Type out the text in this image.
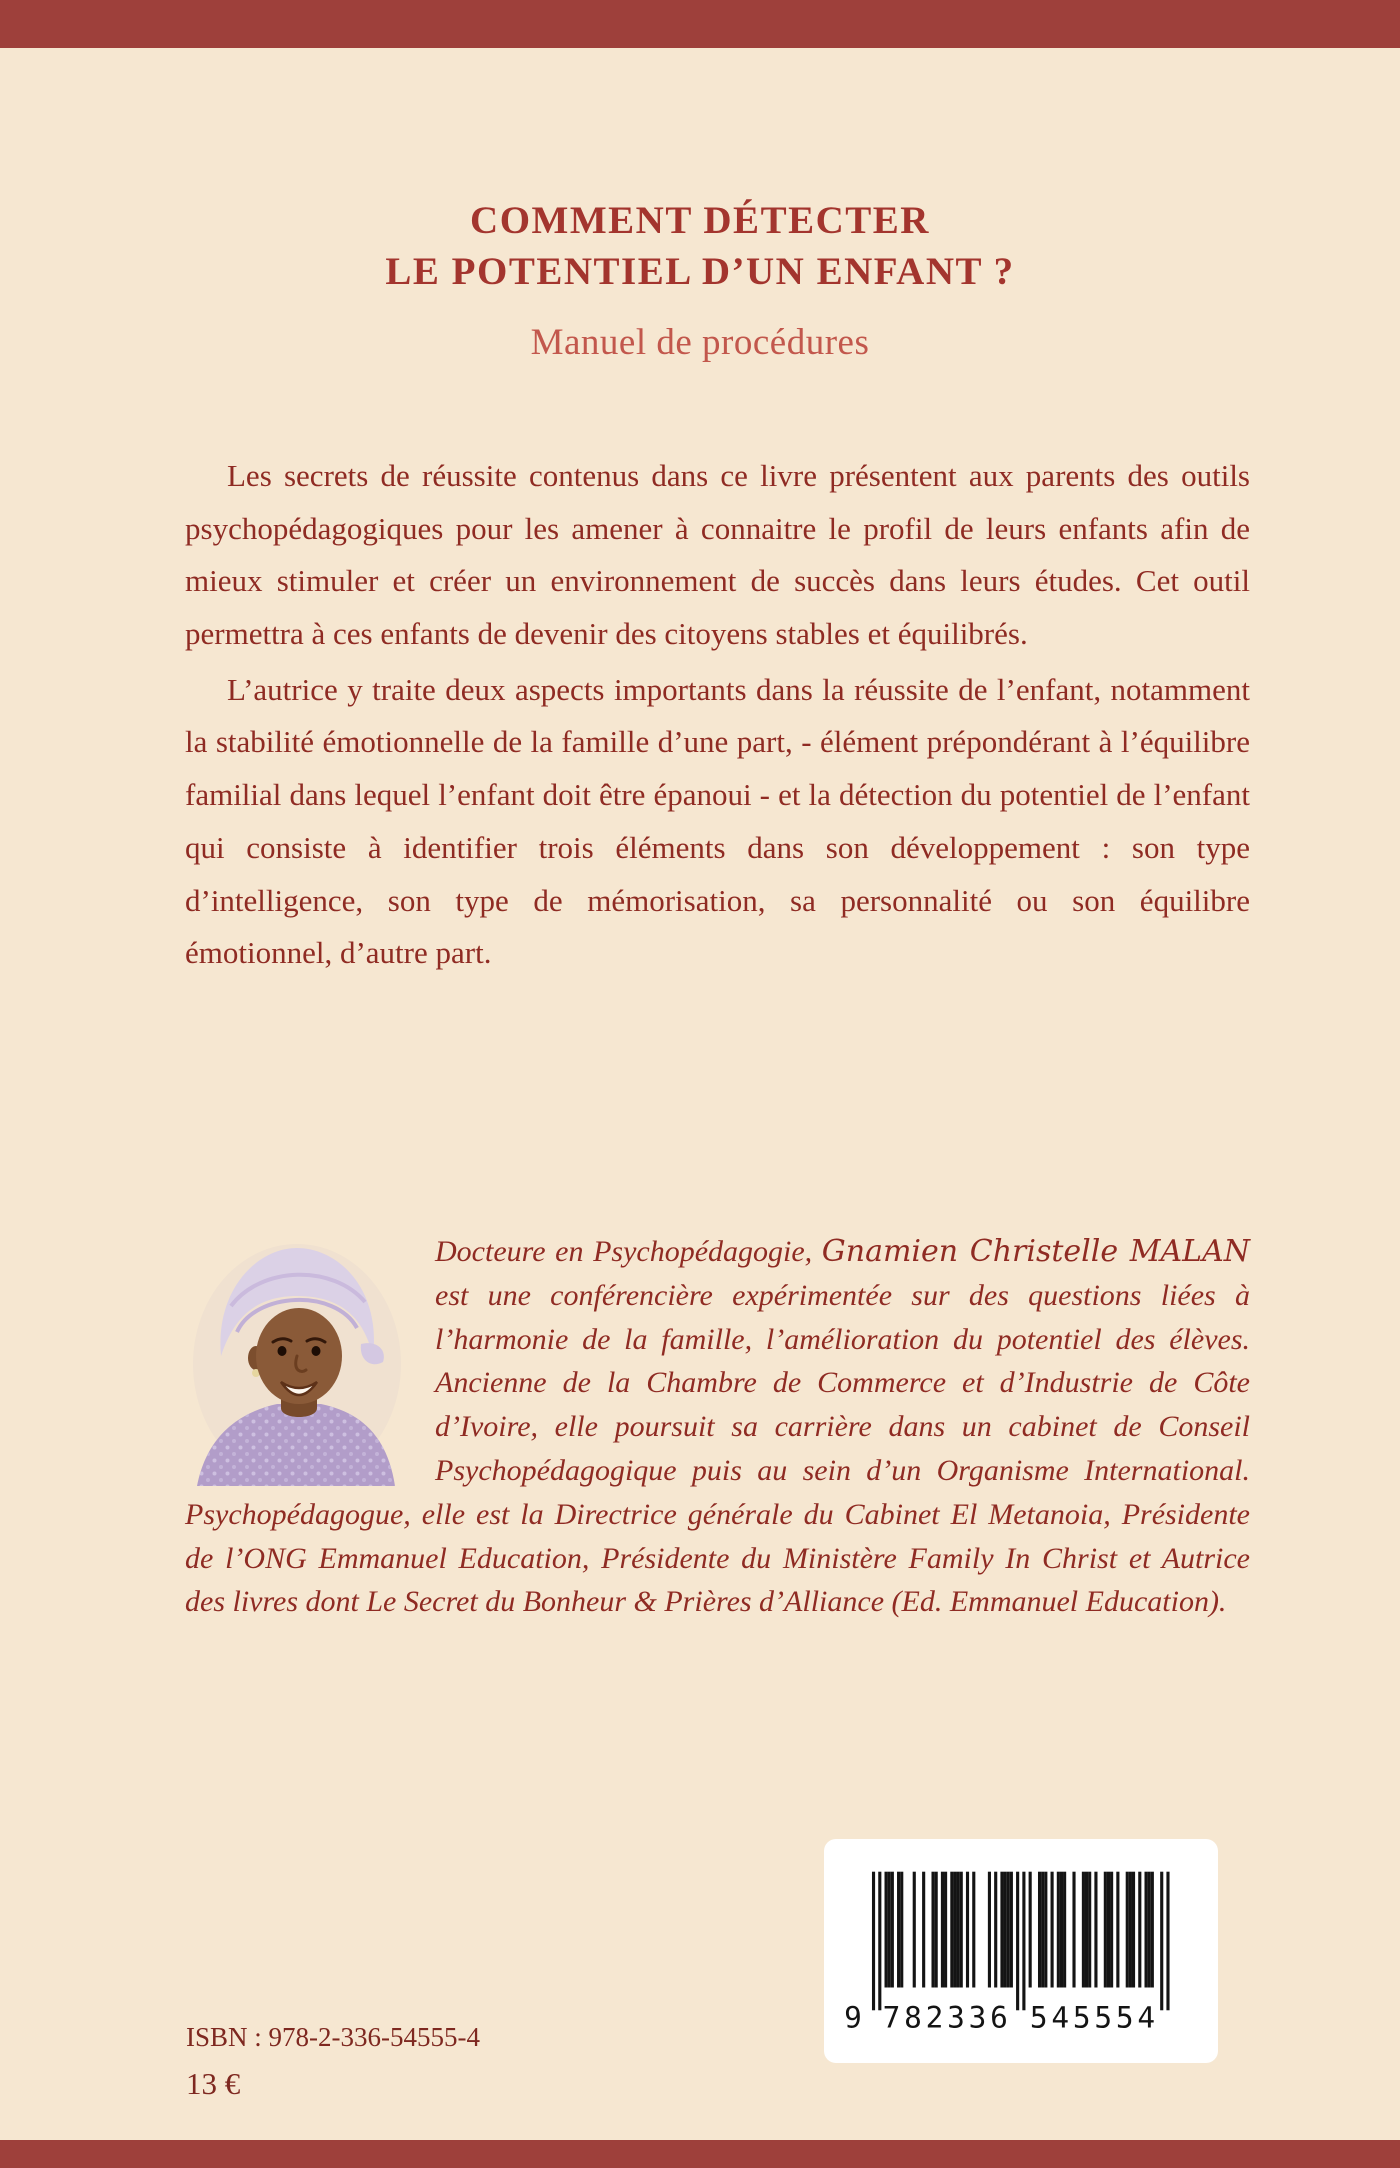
COMMENT DÉTECTER
LE POTENTIEL D’UN ENFANT ?
Manuel de procédures

Les secrets de réussite contenus dans ce livre présentent aux parents des outils psychopédagogiques pour les amener à connaitre le profil de leurs enfants afin de mieux stimuler et créer un environnement de succès dans leurs études. Cet outil permettra à ces enfants de devenir des citoyens stables et équilibrés.

L’autrice y traite deux aspects importants dans la réussite de l’enfant, notamment la stabilité émotionnelle de la famille d’une part, - élément prépondérant à l’équilibre familial dans lequel l’enfant doit être épanoui - et la détection du potentiel de l’enfant qui consiste à identifier trois éléments dans son développement : son type d’intelligence, son type de mémorisation, sa personnalité ou son équilibre émotionnel, d’autre part.

Docteure en Psychopédagogie, Gnamien Christelle MALAN est une conférencière expérimentée sur des questions liées à l’harmonie de la famille, l’amélioration du potentiel des élèves. Ancienne de la Chambre de Commerce et d’Industrie de Côte d’Ivoire, elle poursuit sa carrière dans un cabinet de Conseil Psychopédagogique puis au sein d’un Organisme International. Psychopédagogue, elle est la Directrice générale du Cabinet El Metanoia, Présidente de l’ONG Emmanuel Education, Présidente du Ministère Family In Christ et Autrice des livres dont Le Secret du Bonheur & Prières d’Alliance (Ed. Emmanuel Education).

9 782336 545554
ISBN : 978-2-336-54555-4
13 €
